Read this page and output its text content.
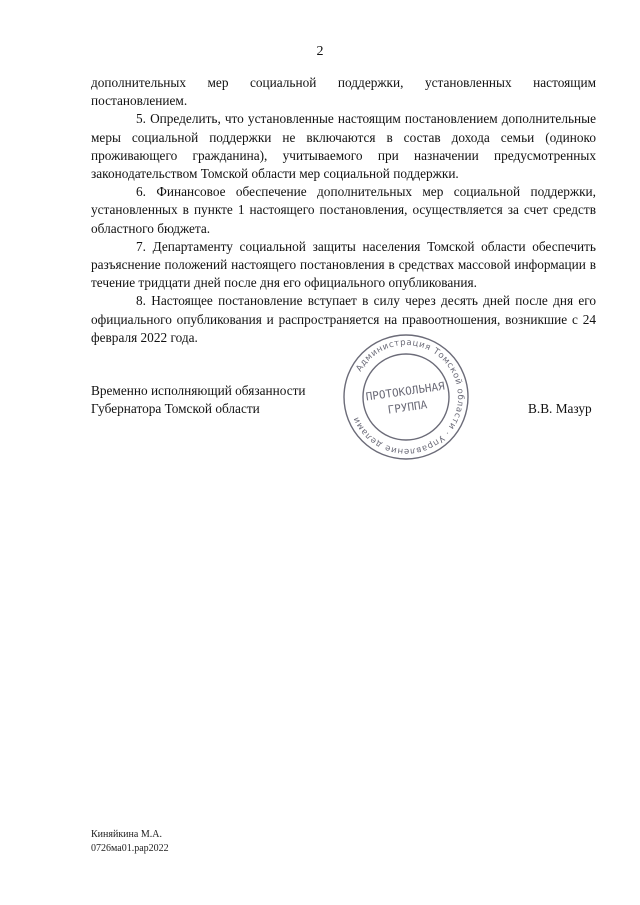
2

дополнительных мер социальной поддержки, установленных настоящим постановлением.

5. Определить, что установленные настоящим постановлением дополнительные меры социальной поддержки не включаются в состав дохода семьи (одиноко проживающего гражданина), учитываемого при назначении предусмотренных законодательством Томской области мер социальной поддержки.

6. Финансовое обеспечение дополнительных мер социальной поддержки, установленных в пункте 1 настоящего постановления, осуществляется за счет средств областного бюджета.

7. Департаменту социальной защиты населения Томской области обеспечить разъяснение положений настоящего постановления в средствах массовой информации в течение тридцати дней после дня его официального опубликования.

8. Настоящее постановление вступает в силу через десять дней после дня его официального опубликования и распространяется на правоотношения, возникшие с 24 февраля 2022 года.

Временно исполняющий обязанности
Губернатора Томской области
Администрация Томской области · Управление делами
ПРОТОКОЛЬНАЯ
ГРУППА	В.В. Мазур
Киняйкина М.А.
0726ма01.рар2022
